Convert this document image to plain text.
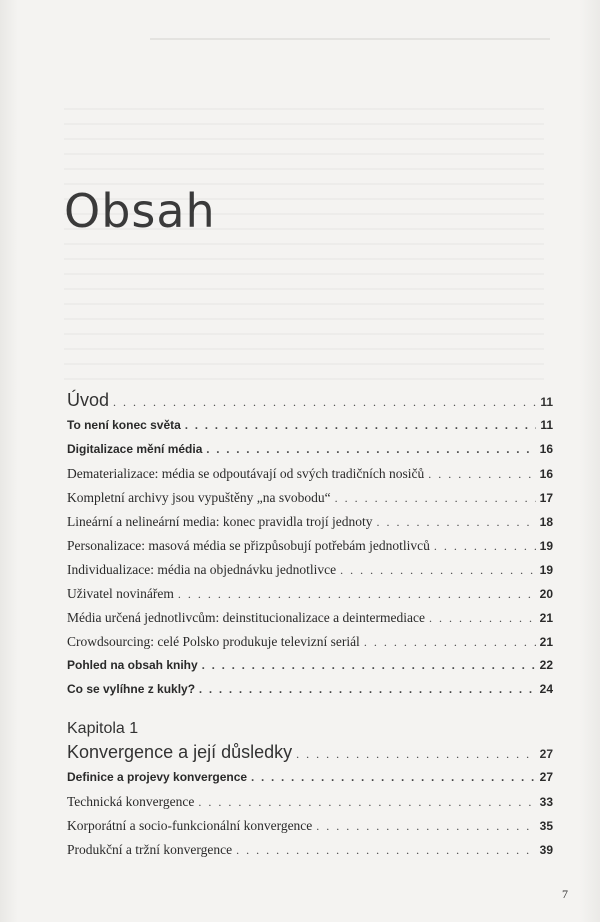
Obsah
Úvod . . .	11
To není konec světa . . .	11
Digitalizace mění média . . .	16
Dematerializace: média se odpoutávají od svých tradičních nosičů . . .	16
Kompletní archivy jsou vypuštěny „na svobodu“ . . .	17
Lineární a nelineární media: konec pravidla trojí jednoty . . .	18
Personalizace: masová média se přizpůsobují potřebám jednotlivců . . .	19
Individualizace: média na objednávku jednotlivce . . .	19
Uživatel novinářem . . .	20
Média určená jednotlivcům: deinstitucionalizace a deintermediace . . .	21
Crowdsourcing: celé Polsko produkuje televizní seriál . . .	21
Pohled na obsah knihy . . .	22
Co se vylíhne z kukly? . . .	24
Kapitola 1
Konvergence a její důsledky . . .	27
Definice a projevy konvergence . . .	27
Technická konvergence . . .	33
Korporátní a socio-funkcionální konvergence . . .	35
Produkční a tržní konvergence . . .	39
7
